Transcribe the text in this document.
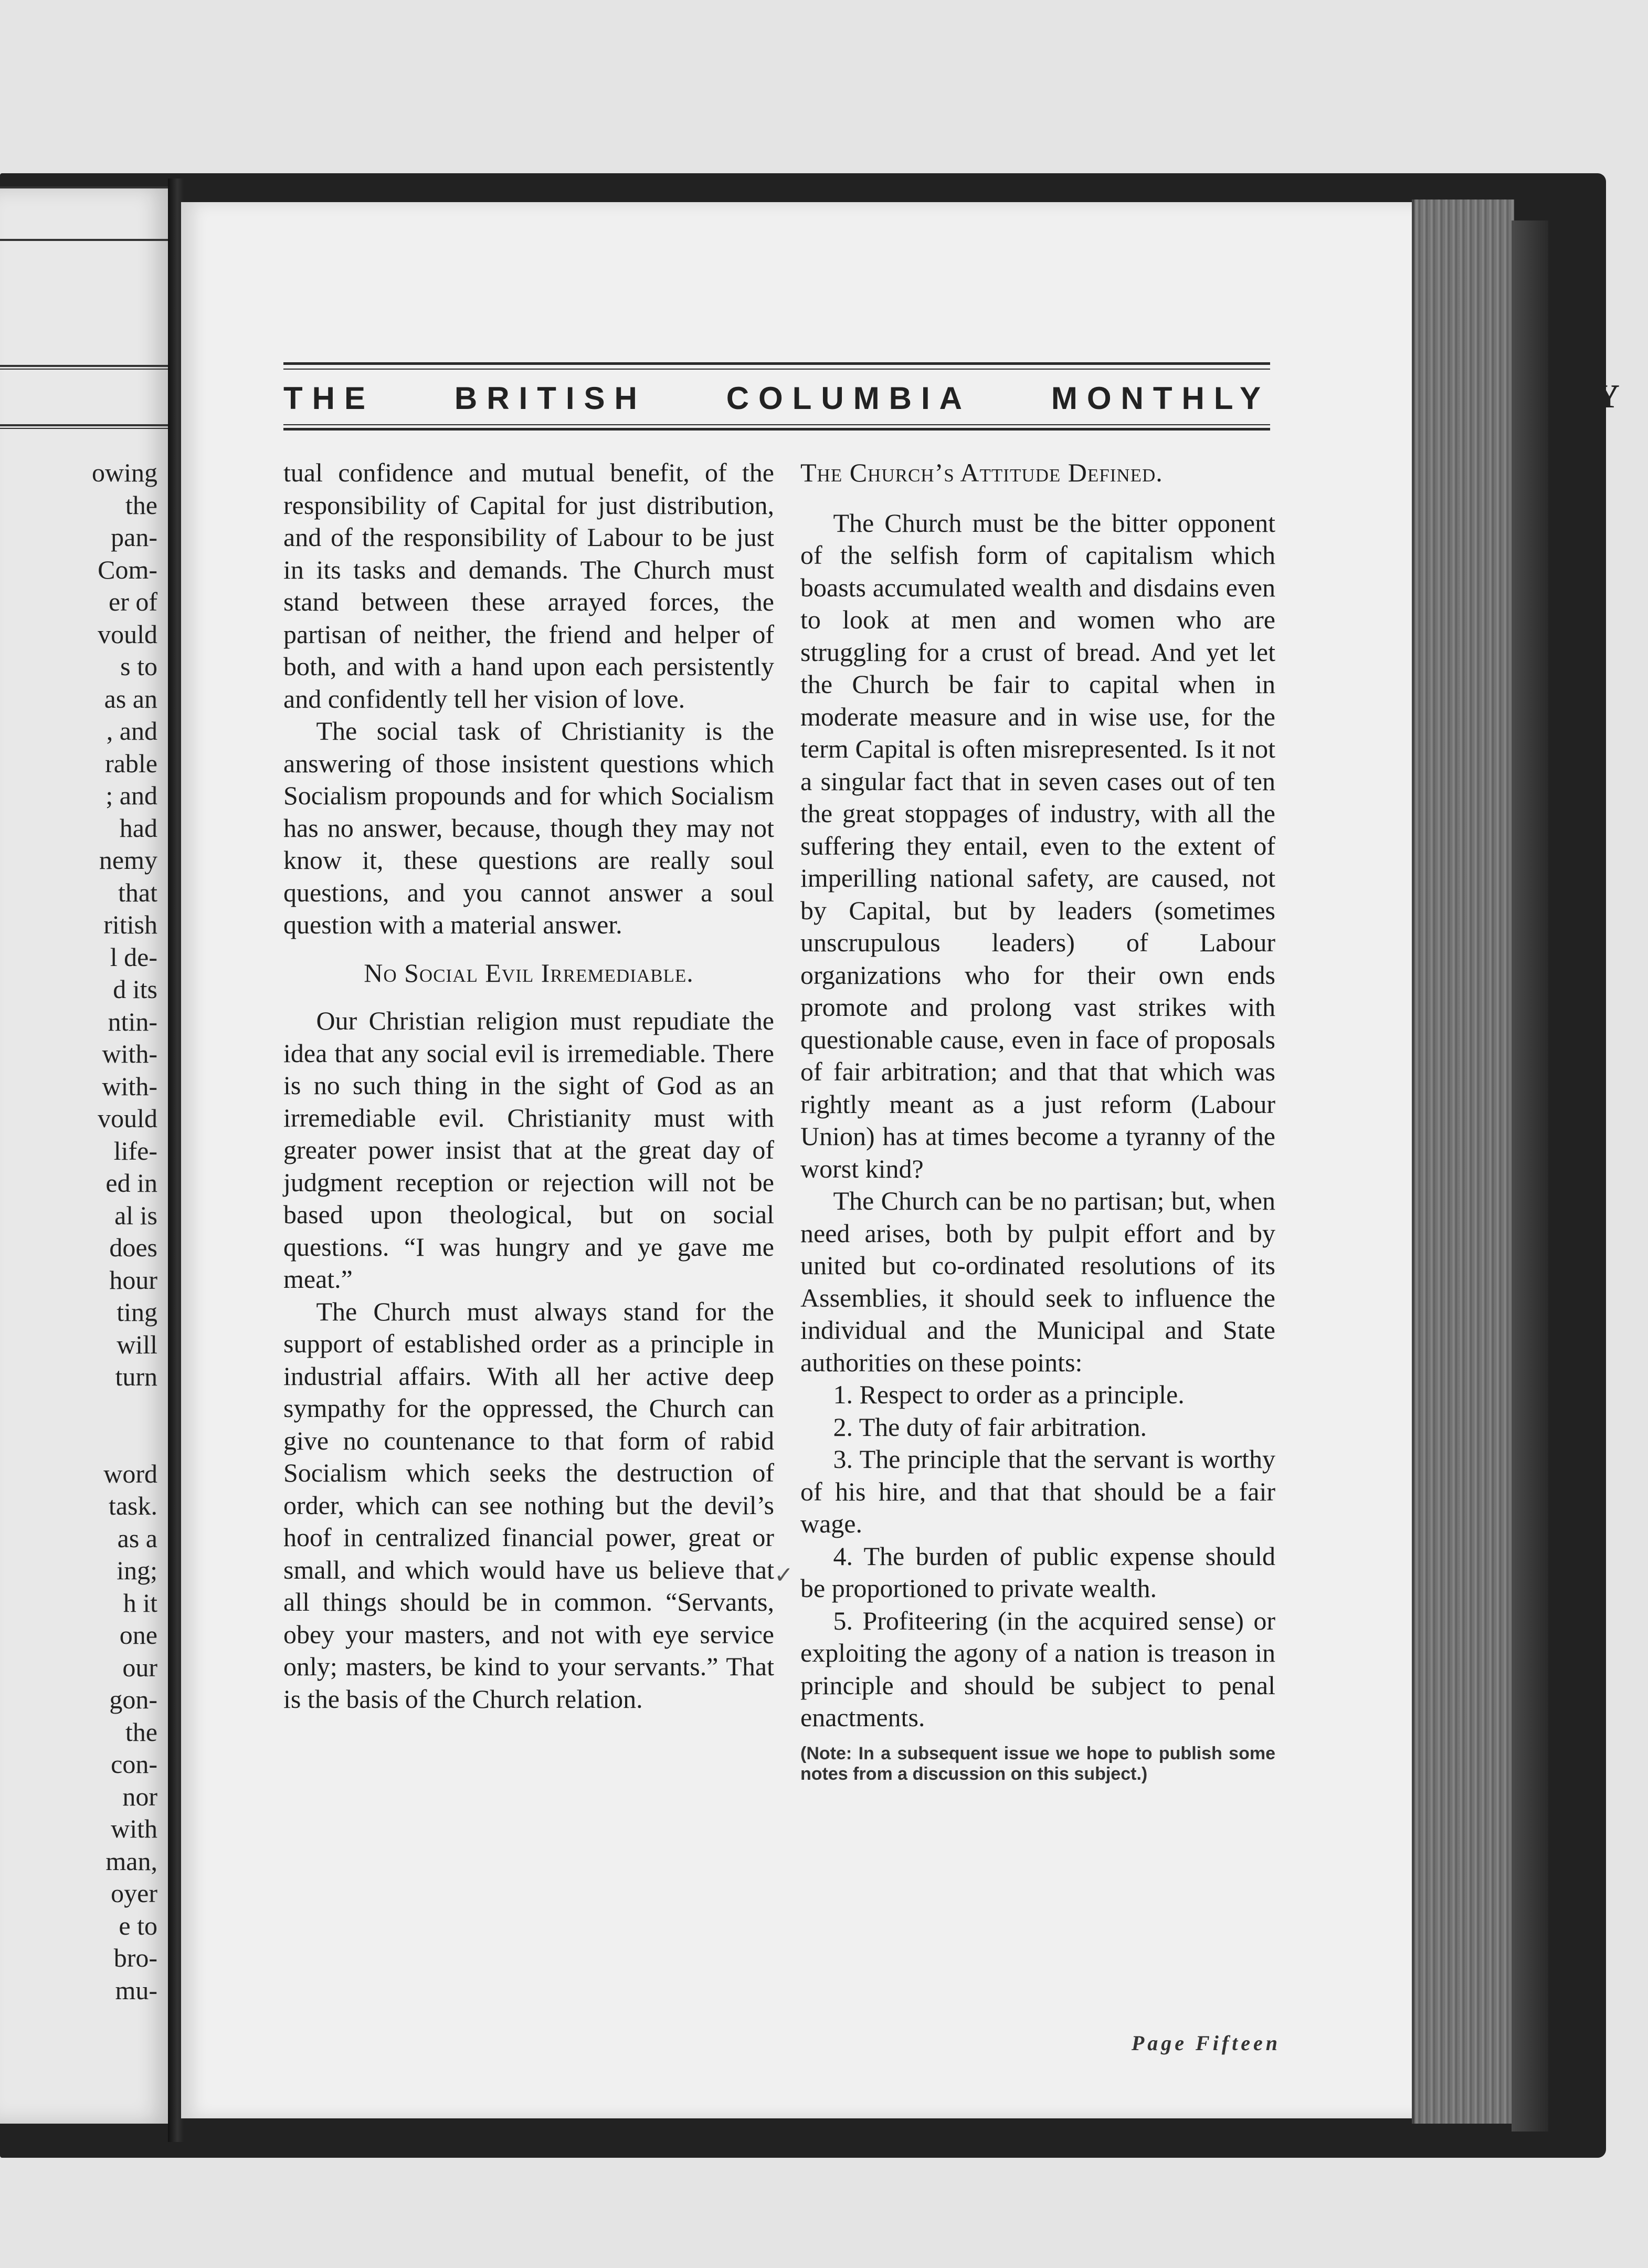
LY
owing
the
pan-
Com-
er of
vould
s to
as an
, and
rable
; and
had
nemy
that
ritish
l de-
d its
ntin-
with-
with-
vould
life-
ed in
al is
does
hour
ting
will
turn
word
task.
as a
ing;
h it
one
our
gon-
the
con-
nor
with
man,
oyer
e to
bro-
mu-
THE	BRITISH	COLUMBIA	MONTHLY

tual confidence and mutual benefit, of the responsibility of Capital for just distribution, and of the responsibility of Labour to be just in its tasks and demands. The Church must stand between these arrayed forces, the partisan of neither, the friend and helper of both, and with a hand upon each persistently and confidently tell her vision of love.

The social task of Christianity is the answering of those insistent questions which Socialism propounds and for which Socialism has no answer, because, though they may not know it, these questions are really soul questions, and you cannot answer a soul question with a material answer.

No Social Evil Irremediable.

Our Christian religion must repudiate the idea that any social evil is irremediable. There is no such thing in the sight of God as an irremediable evil. Christianity must with greater power insist that at the great day of judgment reception or rejection will not be based upon theological, but on social questions. “I was hungry and ye gave me meat.”

The Church must always stand for the support of established order as a principle in industrial affairs. With all her active deep sympathy for the oppressed, the Church can give no countenance to that form of rabid Socialism which seeks the destruction of order, which can see nothing but the devil’s hoof in centralized financial power, great or small, and which would have us believe that all things should be in common. “Servants, obey your masters, and not with eye service only; masters, be kind to your servants.” That is the basis of the Church relation.

✓
The Church’s Attitude Defined.

The Church must be the bitter opponent of the selfish form of capitalism which boasts accumulated wealth and disdains even to look at men and women who are struggling for a crust of bread. And yet let the Church be fair to capital when in moderate measure and in wise use, for the term Capital is often misrepresented. Is it not a singular fact that in seven cases out of ten the great stoppages of industry, with all the suffering they entail, even to the extent of imperilling national safety, are caused, not by Capital, but by leaders (sometimes unscrupulous leaders) of Labour organizations who for their own ends promote and prolong vast strikes with questionable cause, even in face of proposals of fair arbitration; and that that which was rightly meant as a just reform (Labour Union) has at times become a tyranny of the worst kind?

The Church can be no partisan; but, when need arises, both by pulpit effort and by united but co-ordinated resolutions of its Assemblies, it should seek to influence the individual and the Municipal and State authorities on these points:

1. Respect to order as a principle.

2. The duty of fair arbitration.

3. The principle that the servant is worthy of his hire, and that that should be a fair wage.

4. The burden of public expense should be proportioned to private wealth.

5. Profiteering (in the acquired sense) or exploiting the agony of a nation is treason in principle and should be subject to penal enactments.

(Note: In a subsequent issue we hope to publish some notes from a discussion on this subject.)
Page Fifteen
